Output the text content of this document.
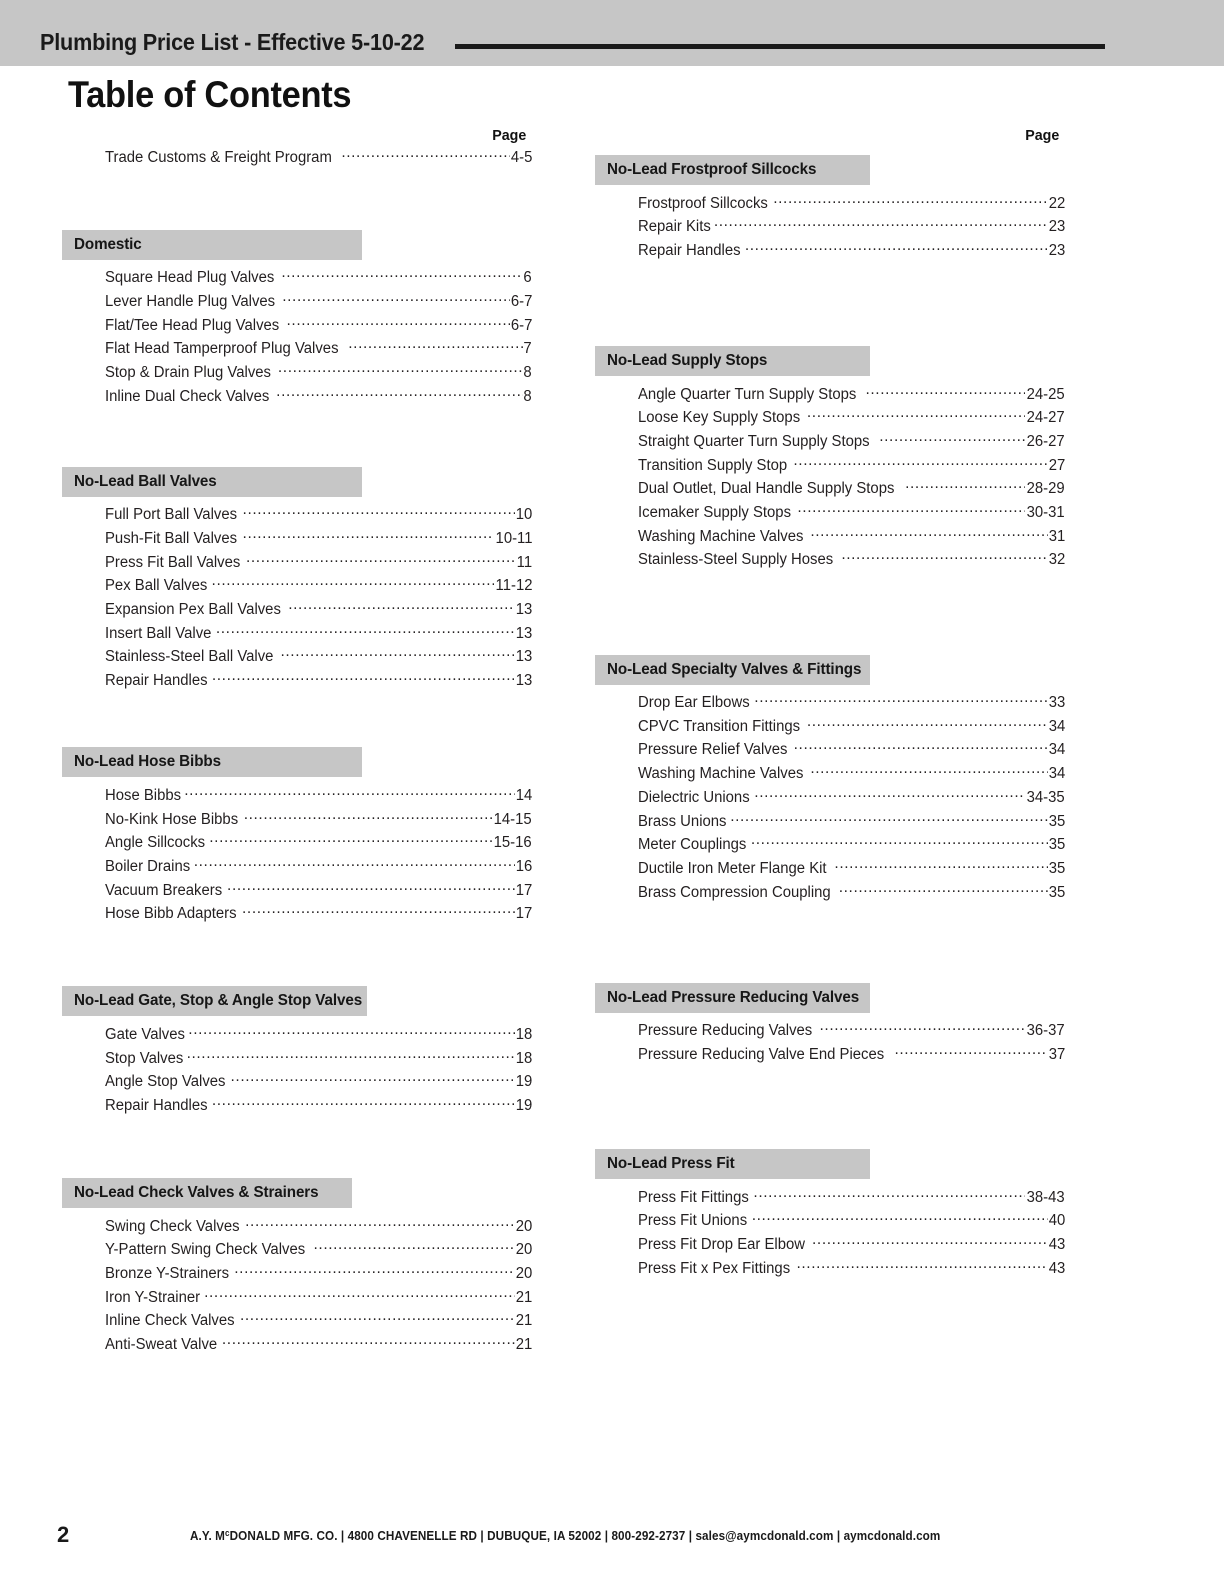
Plumbing Price List - Effective 5-10-22
Table of Contents
Page
Trade Customs & Freight Program .....	4-5
Domestic
Square Head Plug Valves .....	6
Lever Handle Plug Valves .....	6-7
Flat/Tee Head Plug Valves .....	6-7
Flat Head Tamperproof Plug Valves .....	7
Stop & Drain Plug Valves .....	8
Inline Dual Check Valves .....	8
No-Lead Ball Valves
Full Port Ball Valves .....	10
Push-Fit Ball Valves .....	10-11
Press Fit Ball Valves .....	11
Pex Ball Valves .....	11-12
Expansion Pex Ball Valves .....	13
Insert Ball Valve .....	13
Stainless-Steel Ball Valve .....	13
Repair Handles .....	13
No-Lead Hose Bibbs
Hose Bibbs .....	14
No-Kink Hose Bibbs .....	14-15
Angle Sillcocks .....	15-16
Boiler Drains .....	16
Vacuum Breakers .....	17
Hose Bibb Adapters .....	17
No-Lead Gate, Stop & Angle Stop Valves
Gate Valves .....	18
Stop Valves .....	18
Angle Stop Valves .....	19
Repair Handles .....	19
No-Lead Check Valves & Strainers
Swing Check Valves .....	20
Y-Pattern Swing Check Valves .....	20
Bronze Y-Strainers .....	20
Iron Y-Strainer .....	21
Inline Check Valves .....	21
Anti-Sweat Valve .....	21
Page
No-Lead Frostproof Sillcocks
Frostproof Sillcocks .....	22
Repair Kits .....	23
Repair Handles .....	23
No-Lead Supply Stops
Angle Quarter Turn Supply Stops .....	24-25
Loose Key Supply Stops .....	24-27
Straight Quarter Turn Supply Stops .....	26-27
Transition Supply Stop .....	27
Dual Outlet, Dual Handle Supply Stops .....	28-29
Icemaker Supply Stops .....	30-31
Washing Machine Valves .....	31
Stainless-Steel Supply Hoses .....	32
No-Lead Specialty Valves & Fittings
Drop Ear Elbows .....	33
CPVC Transition Fittings .....	34
Pressure Relief Valves .....	34
Washing Machine Valves .....	34
Dielectric Unions .....	34-35
Brass Unions .....	35
Meter Couplings .....	35
Ductile Iron Meter Flange Kit .....	35
Brass Compression Coupling .....	35
No-Lead Pressure Reducing Valves
Pressure Reducing Valves .....	36-37
Pressure Reducing Valve End Pieces .....	37
No-Lead Press Fit
Press Fit Fittings .....	38-43
Press Fit Unions .....	40
Press Fit Drop Ear Elbow .....	43
Press Fit x Pex Fittings .....	43
2	A.Y. $M^cDONALD$ MFG. CO. | 4800 CHAVENELLE RD | DUBUQUE, IA 52002 | 800-292-2737 | sales@aymcdonald.com | aymcdonald.com
